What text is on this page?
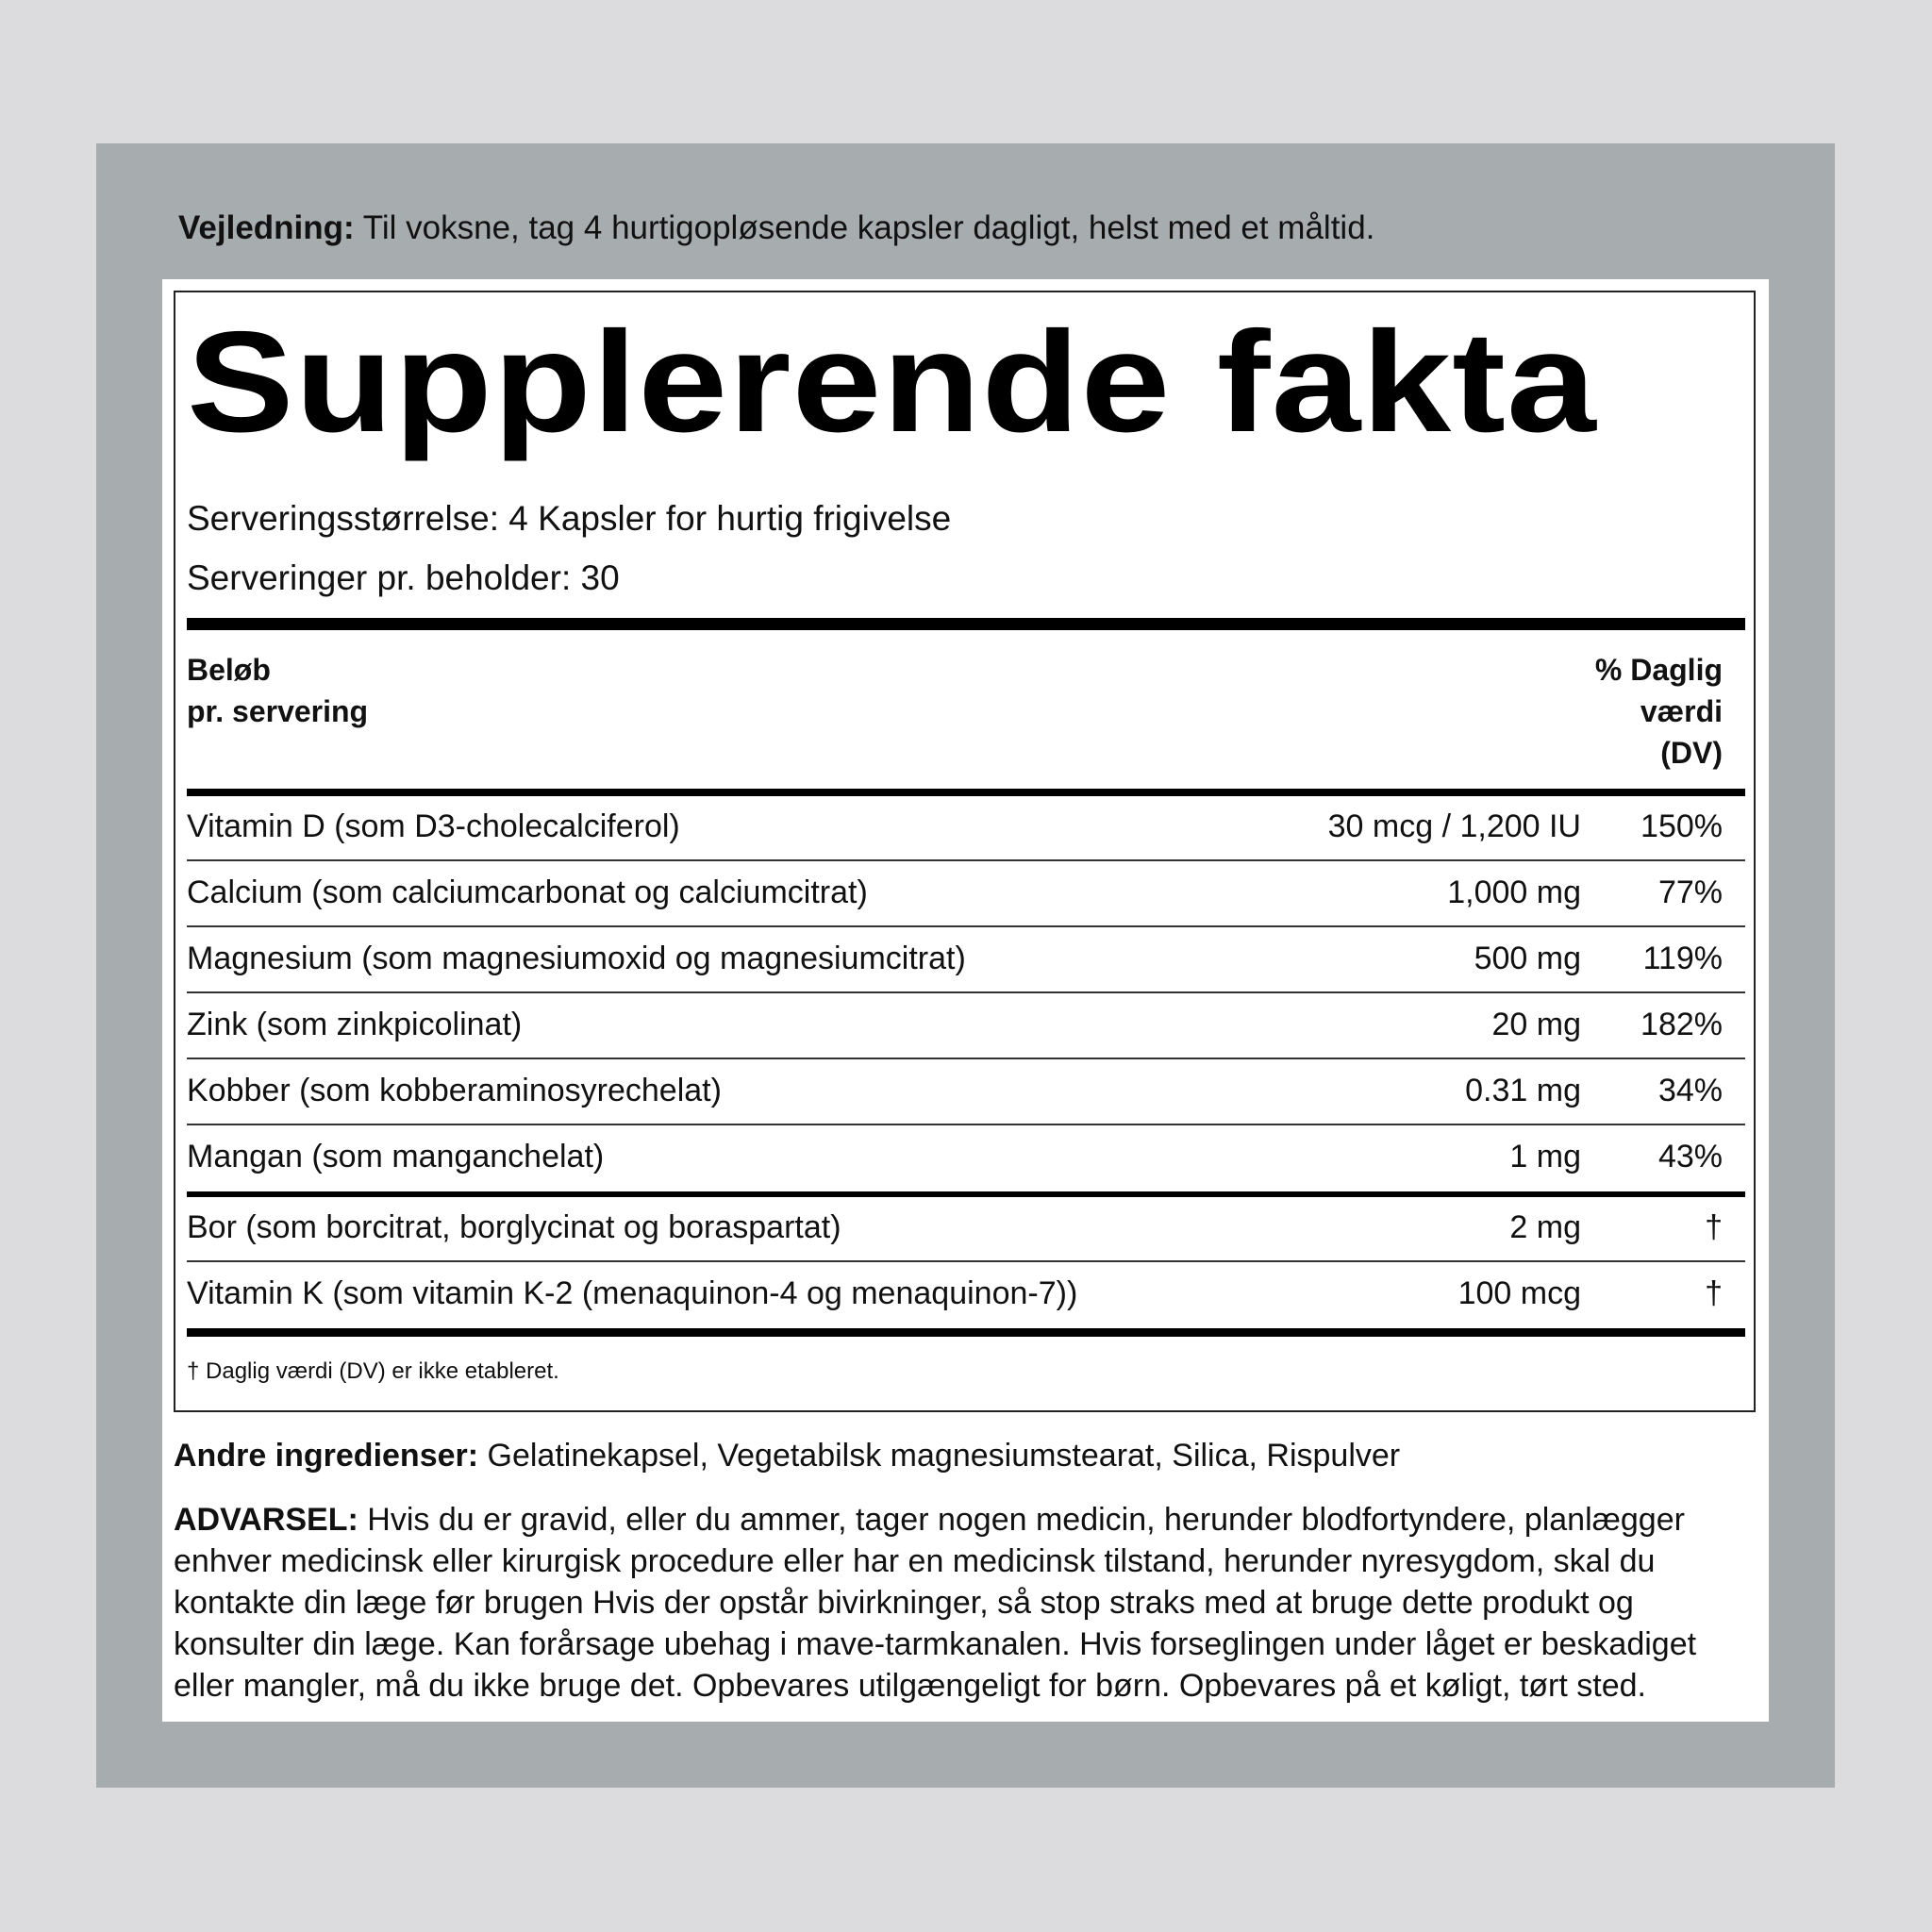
Vejledning: Til voksne, tag 4 hurtigopløsende kapsler dagligt, helst med et måltid.
Supplerende fakta
Serveringsstørrelse: 4 Kapsler for hurtig frigivelse
Serveringer pr. beholder: 30
Beløb
pr. servering
% Daglig
værdi
(DV)
Vitamin D (som D3-cholecalciferol)	30 mcg / 1,200 IU 150%
Calcium (som calciumcarbonat og calciumcitrat)	1,000 mg 77%
Magnesium (som magnesiumoxid og magnesiumcitrat)	500 mg 119%
Zink (som zinkpicolinat)	20 mg 182%
Kobber (som kobberaminosyrechelat)	0.31 mg 34%
Mangan (som manganchelat)	1 mg 43%
Bor (som borcitrat, borglycinat og boraspartat)	2 mg	†
Vitamin K (som vitamin K-2 (menaquinon-4 og menaquinon-7))	100 mcg	†
† Daglig værdi (DV) er ikke etableret.
Andre ingredienser: Gelatinekapsel, Vegetabilsk magnesiumstearat, Silica, Rispulver
ADVARSEL: Hvis du er gravid, eller du ammer, tager nogen medicin, herunder blodfortyndere, planlægger enhver medicinsk eller kirurgisk procedure eller har en medicinsk tilstand, herunder nyresygdom, skal du kontakte din læge før brugen Hvis der opstår bivirkninger, så stop straks med at bruge dette produkt og konsulter din læge. Kan forårsage ubehag i mave-tarmkanalen. Hvis forseglingen under låget er beskadiget eller mangler, må du ikke bruge det. Opbevares utilgængeligt for børn. Opbevares på et køligt, tørt sted.
